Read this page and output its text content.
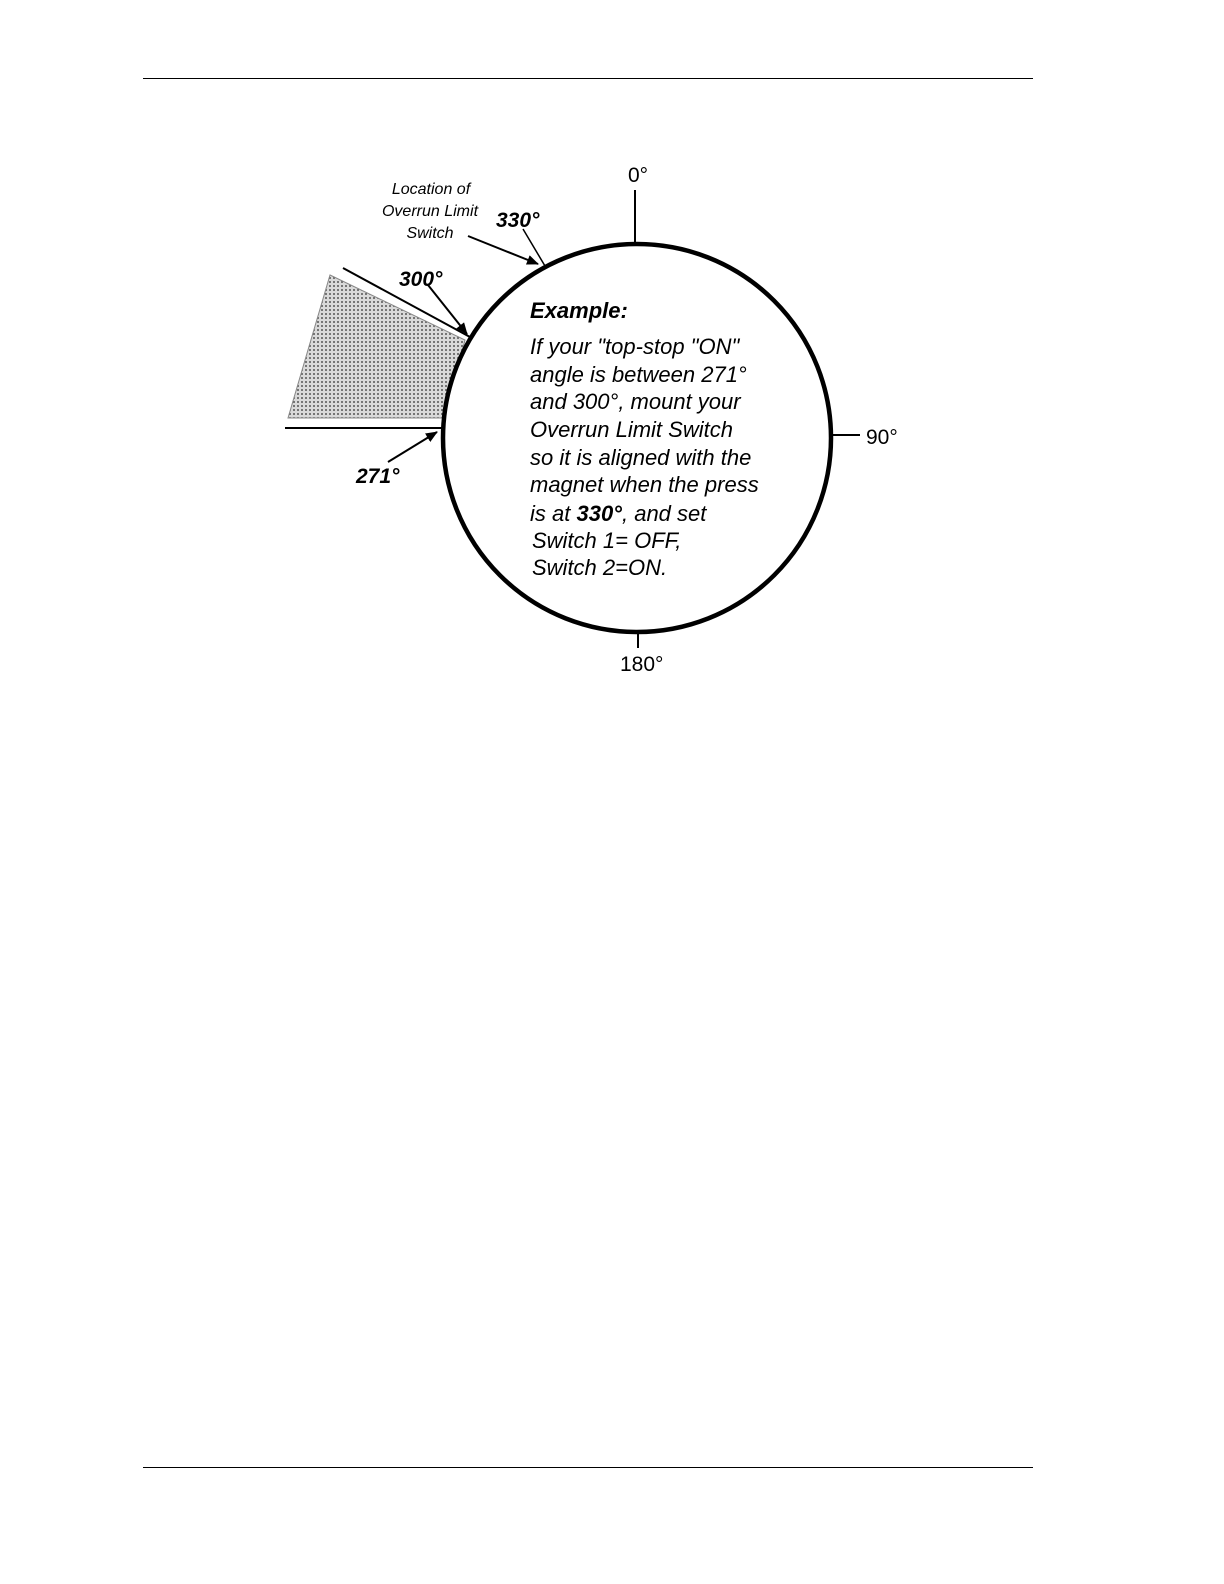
0°
90°
180°
330°
300°
271°
Location of
Overrun Limit
Switch
Example:
If your "top-stop "ON"
angle is between 271°
and 300°, mount your
Overrun Limit Switch
so it is aligned with the
magnet when the press
is at 330°, and set
Switch 1= OFF,
Switch 2=ON.
